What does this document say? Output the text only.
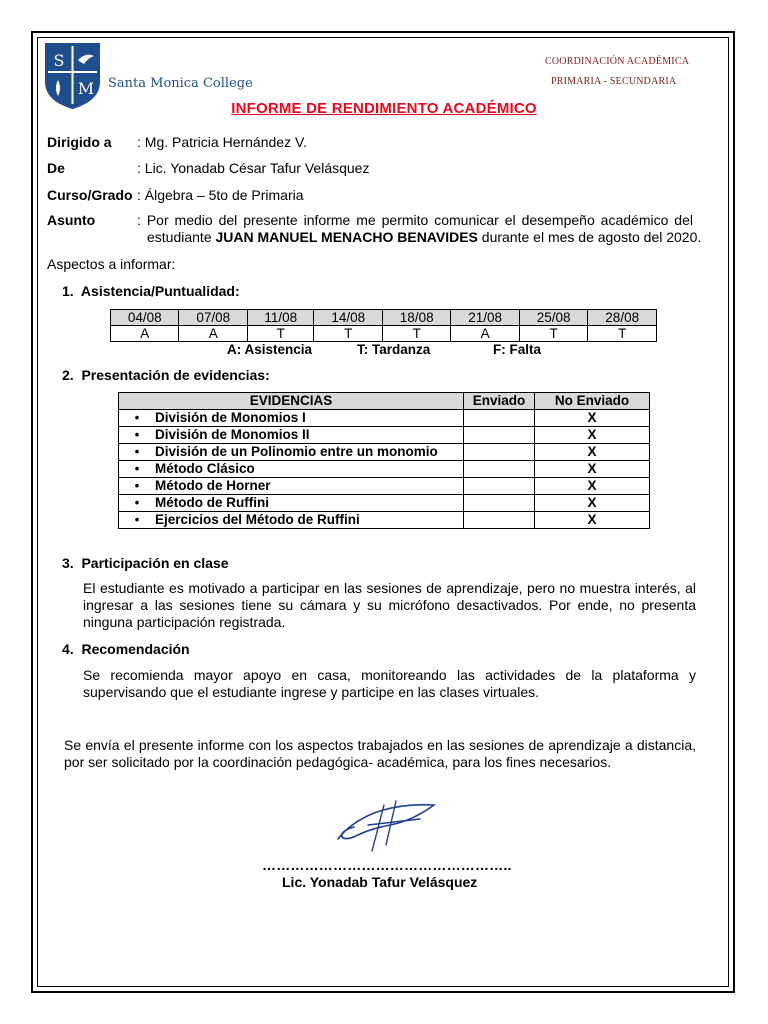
S
M Santa Monica College
COORDINACIÓN ACADÉMICA
PRIMARIA - SECUNDARIA
INFORME DE RENDIMIENTO ACADÉMICO
Dirigido a : Mg. Patricia Hernández V.
De	: Lic. Yonadab César Tafur Velásquez
Curso/Grado : Álgebra – 5to de Primaria
Asunto	: Por medio del presente informe me permito comunicar el desempeño académico del
estudiante JUAN MANUEL MENACHO BENAVIDES durante el mes de agosto del 2020.
Aspectos a informar:
1.  Asistencia/Puntualidad:
04/08	07/08	11/08	14/08	18/08	21/08	25/08	28/08
A	A	T	T	T	A	T	T
A: Asistencia	T: Tardanza	F: Falta
2.  Presentación de evidencias:
EVIDENCIAS	Enviado	No Enviado
• División de Monomios I		X
• División de Monomios II		X
• División de un Polinomio entre un monomio		X
• Método Clásico		X
• Método de Horner		X
• Método de Ruffini		X
• Ejercicios del Método de Ruffini		X
3.  Participación en clase
El estudiante es motivado a participar en las sesiones de aprendizaje, pero no muestra interés, al ingresar a las sesiones tiene su cámara y su micrófono desactivados. Por ende, no presenta ninguna participación registrada.
4.  Recomendación
Se recomienda mayor apoyo en casa, monitoreando las actividades de la plataforma y supervisando que el estudiante ingrese y participe en las clases virtuales.
Se envía el presente informe con los aspectos trabajados en las sesiones de aprendizaje a distancia, por ser solicitado por la coordinación pedagógica- académica, para los fines necesarios.
……………………………………………..
Lic. Yonadab Tafur Velásquez
